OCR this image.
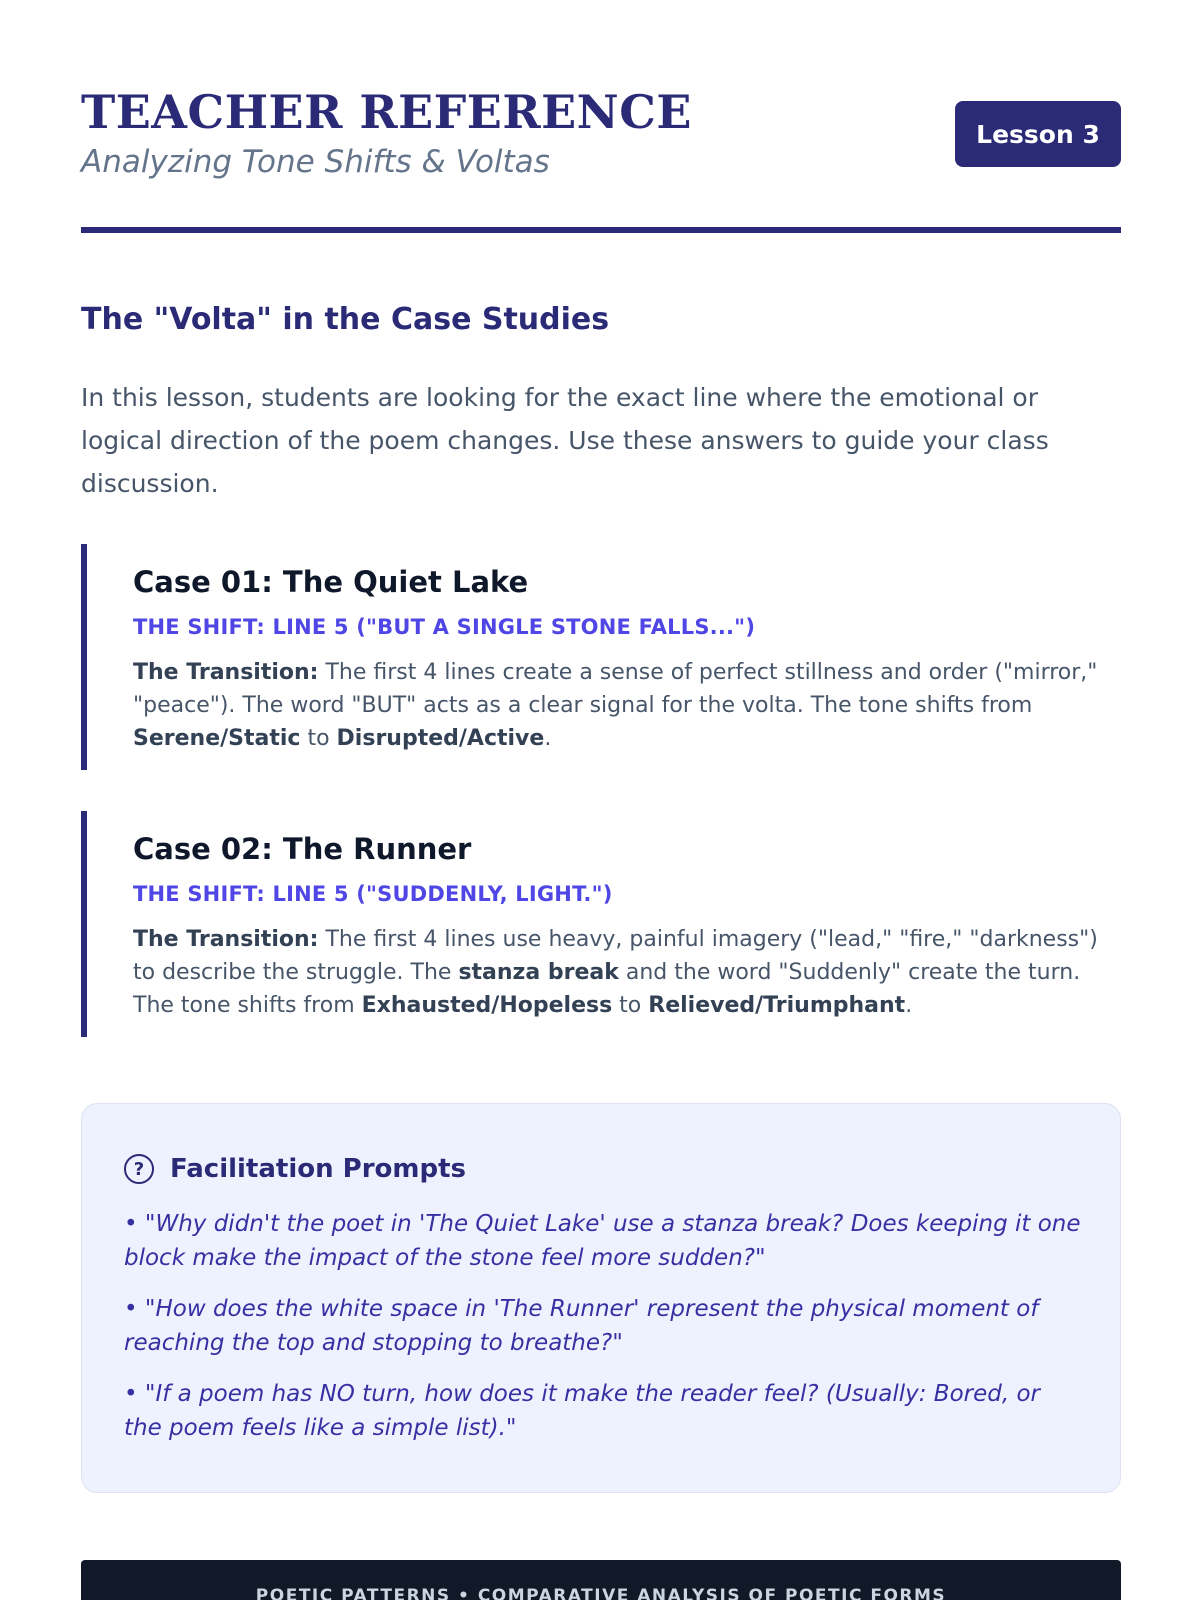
TEACHER REFERENCE
Analyzing Tone Shifts & Voltas
Lesson 3
The "Volta" in the Case Studies

In this lesson, students are looking for the exact line where the emotional or logical direction of the poem changes. Use these answers to guide your class discussion.

Case 01: The Quiet Lake
THE SHIFT: LINE 5 ("BUT A SINGLE STONE FALLS...")

The Transition: The first 4 lines create a sense of perfect stillness and order ("mirror," "peace"). The word "BUT" acts as a clear signal for the volta. The tone shifts from Serene/Static to Disrupted/Active.

Case 02: The Runner
THE SHIFT: LINE 5 ("SUDDENLY, LIGHT.")

The Transition: The first 4 lines use heavy, painful imagery ("lead," "fire," "darkness") to describe the struggle. The stanza break and the word "Suddenly" create the turn. The tone shifts from Exhausted/Hopeless to Relieved/Triumphant.

? Facilitation Prompts

• "Why didn't the poet in 'The Quiet Lake' use a stanza break? Does keeping it one block make the impact of the stone feel more sudden?"

• "How does the white space in 'The Runner' represent the physical moment of reaching the top and stopping to breathe?"

• "If a poem has NO turn, how does it make the reader feel? (Usually: Bored, or the poem feels like a simple list)."

POETIC PATTERNS • COMPARATIVE ANALYSIS OF POETIC FORMS
